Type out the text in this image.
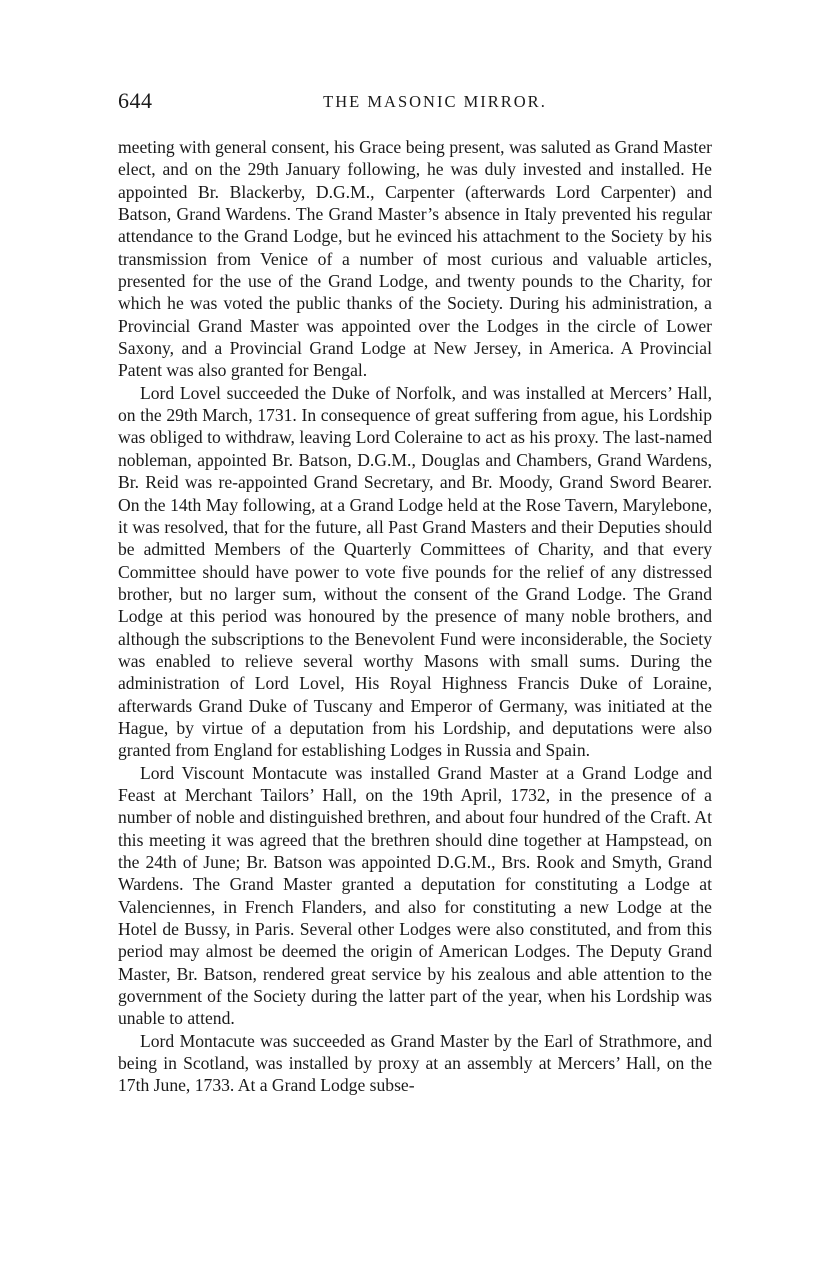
644	THE MASONIC MIRROR.

meeting with general consent, his Grace being present, was saluted as Grand Master elect, and on the 29th January following, he was duly invested and installed. He appointed Br. Blackerby, D.G.M., Carpenter (afterwards Lord Carpenter) and Batson, Grand Wardens. The Grand Master’s absence in Italy prevented his regular attendance to the Grand Lodge, but he evinced his attachment to the Society by his transmission from Venice of a number of most curious and valuable articles, presented for the use of the Grand Lodge, and twenty pounds to the Charity, for which he was voted the public thanks of the Society. During his administration, a Provincial Grand Master was appointed over the Lodges in the circle of Lower Saxony, and a Provincial Grand Lodge at New Jersey, in America. A Provincial Patent was also granted for Bengal.

Lord Lovel succeeded the Duke of Norfolk, and was installed at Mercers’ Hall, on the 29th March, 1731. In consequence of great suffering from ague, his Lordship was obliged to withdraw, leaving Lord Coleraine to act as his proxy. The last-named nobleman, appointed Br. Batson, D.G.M., Douglas and Chambers, Grand Wardens, Br. Reid was re-appointed Grand Secretary, and Br. Moody, Grand Sword Bearer. On the 14th May following, at a Grand Lodge held at the Rose Tavern, Marylebone, it was resolved, that for the future, all Past Grand Masters and their Deputies should be admitted Members of the Quarterly Committees of Charity, and that every Committee should have power to vote five pounds for the relief of any distressed brother, but no larger sum, without the consent of the Grand Lodge. The Grand Lodge at this period was honoured by the presence of many noble brothers, and although the subscriptions to the Benevolent Fund were inconsiderable, the Society was enabled to relieve several worthy Masons with small sums. During the administration of Lord Lovel, His Royal Highness Francis Duke of Loraine, afterwards Grand Duke of Tuscany and Emperor of Germany, was initiated at the Hague, by virtue of a deputation from his Lordship, and deputations were also granted from England for establishing Lodges in Russia and Spain.

Lord Viscount Montacute was installed Grand Master at a Grand Lodge and Feast at Merchant Tailors’ Hall, on the 19th April, 1732, in the presence of a number of noble and distinguished brethren, and about four hundred of the Craft. At this meeting it was agreed that the brethren should dine together at Hampstead, on the 24th of June; Br. Batson was appointed D.G.M., Brs. Rook and Smyth, Grand Wardens. The Grand Master granted a deputation for constituting a Lodge at Valenciennes, in French Flanders, and also for constituting a new Lodge at the Hotel de Bussy, in Paris. Several other Lodges were also constituted, and from this period may almost be deemed the origin of American Lodges. The Deputy Grand Master, Br. Batson, rendered great service by his zealous and able attention to the government of the Society during the latter part of the year, when his Lordship was unable to attend.

Lord Montacute was succeeded as Grand Master by the Earl of Strathmore, and being in Scotland, was installed by proxy at an assembly at Mercers’ Hall, on the 17th June, 1733. At a Grand Lodge subse-
